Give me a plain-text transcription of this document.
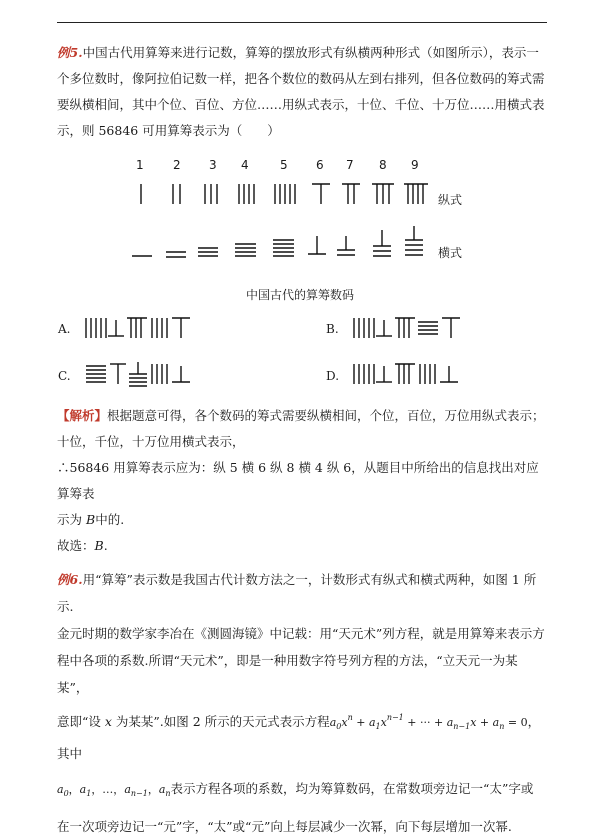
例5.中国古代用算筹来进行记数，算筹的摆放形式有纵横两种形式（如图所示），表示一
个多位数时，像阿拉伯记数一样，把各个数位的数码从左到右排列，但各位数码的筹式需
要纵横相间，其中个位、百位、方位……用纵式表示，十位、千位、十万位……用横式表
示，则 56846 可用算筹表示为（　　）
1 2 3 4	5 6 7 8 9
纵式
横式
中国古代的算筹数码
A.	B.
C.	D.
【解析】根据题意可得，各个数码的筹式需要纵横相间，个位，百位，万位用纵式表示；
十位，千位，十万位用横式表示，
∴56846 用算筹表示应为：纵 5 横 6 纵 8 横 4 纵 6，从题目中所给出的信息找出对应算筹表
示为 B中的.
故选：B.
例6.用“算筹”表示数是我国古代计数方法之一，计数形式有纵式和横式两种，如图 1 所示.
金元时期的数学家李冶在《测圆海镜》中记载：用“天元术”列方程，就是用算筹来表示方
程中各项的系数.所谓“天元术”，即是一种用数字符号列方程的方法，“立天元一为某某”，
意即“设 x 为某某”.如图 2 所示的天元式表示方程$a_0x^n + a_1x^{n-1}$ + ··· + $a_{n-1}x + a_n = 0$，其中
$a_0$，$a_1$，…，$a_{n-1}$，$a_n$表示方程各项的系数，均为筹算数码，在常数项旁边记一“太”字或
在一次项旁边记一“元”字，“太”或“元”向上每层减少一次幂，向下每层增加一次幂.
